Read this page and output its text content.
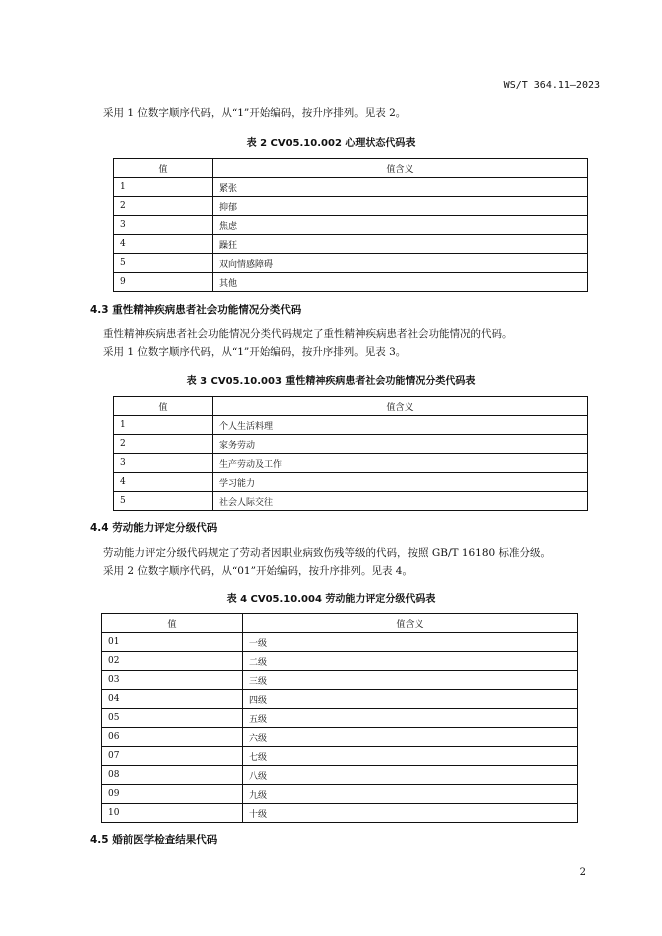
WS/T 364.11—2023
采用 1 位数字顺序代码，从“1”开始编码，按升序排列。见表 2。
表 2 CV05.10.002 心理状态代码表
值	值含义
1	紧张
2	抑郁
3	焦虑
4	躁狂
5	双向情感障碍
9	其他
4.3 重性精神疾病患者社会功能情况分类代码
重性精神疾病患者社会功能情况分类代码规定了重性精神疾病患者社会功能情况的代码。
采用 1 位数字顺序代码，从“1”开始编码，按升序排列。见表 3。
表 3 CV05.10.003 重性精神疾病患者社会功能情况分类代码表
值	值含义
1	个人生活料理
2	家务劳动
3	生产劳动及工作
4	学习能力
5	社会人际交往
4.4 劳动能力评定分级代码
劳动能力评定分级代码规定了劳动者因职业病致伤残等级的代码，按照 GB/T 16180 标准分级。
采用 2 位数字顺序代码，从“01”开始编码，按升序排列。见表 4。
表 4 CV05.10.004 劳动能力评定分级代码表
值	值含义
01	一级
02	二级
03	三级
04	四级
05	五级
06	六级
07	七级
08	八级
09	九级
10	十级
4.5 婚前医学检查结果代码
2
